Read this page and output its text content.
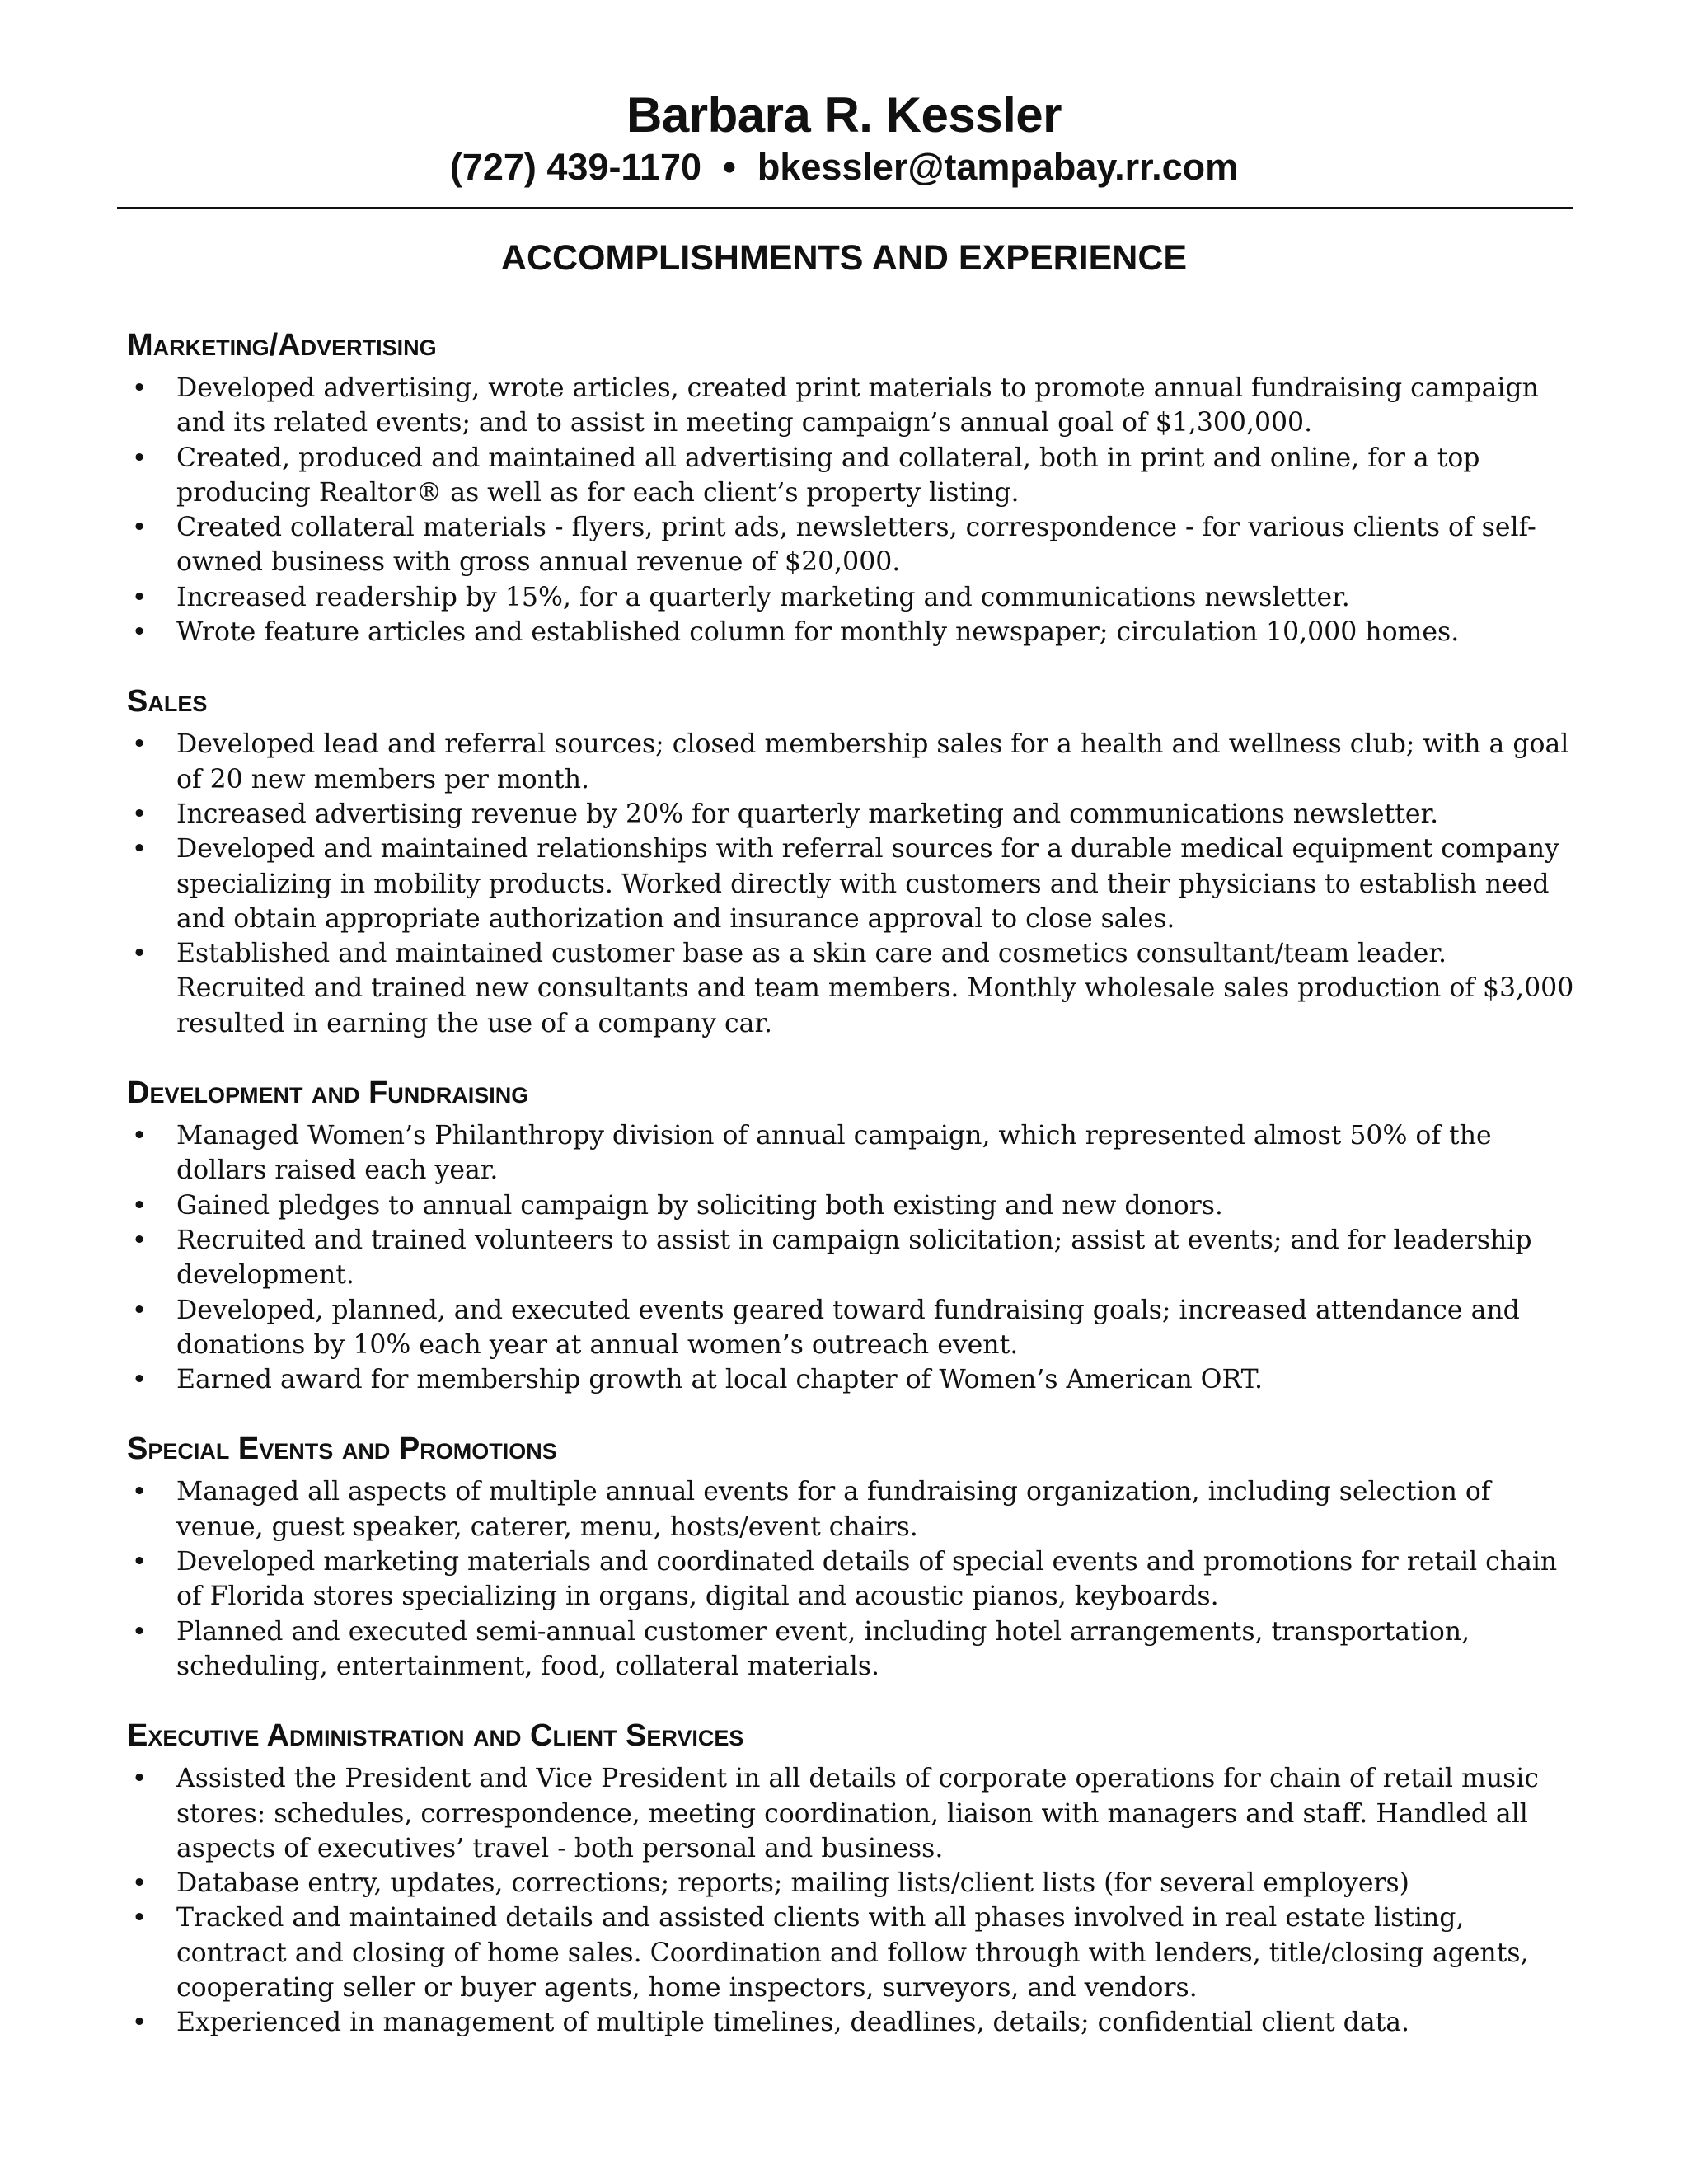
Barbara R. Kessler
(727) 439-1170 • bkessler@tampabay.rr.com
ACCOMPLISHMENTS AND EXPERIENCE
Marketing/Advertising
• Developed advertising, wrote articles, created print materials to promote annual fundraising campaign and its related events; and to assist in meeting campaign’s annual goal of $1,300,000.
• Created, produced and maintained all advertising and collateral, both in print and online, for a top producing Realtor® as well as for each client’s property listing.
• Created collateral materials - flyers, print ads, newsletters, correspondence - for various clients of self-owned business with gross annual revenue of $20,000.
• Increased readership by 15%, for a quarterly marketing and communications newsletter.
• Wrote feature articles and established column for monthly newspaper; circulation 10,000 homes.
Sales
• Developed lead and referral sources; closed membership sales for a health and wellness club; with a goal of 20 new members per month.
• Increased advertising revenue by 20% for quarterly marketing and communications newsletter.
• Developed and maintained relationships with referral sources for a durable medical equipment company specializing in mobility products. Worked directly with customers and their physicians to establish need and obtain appropriate authorization and insurance approval to close sales.
• Established and maintained customer base as a skin care and cosmetics consultant/team leader. Recruited and trained new consultants and team members. Monthly wholesale sales production of $3,000 resulted in earning the use of a company car.
Development and Fundraising
• Managed Women’s Philanthropy division of annual campaign, which represented almost 50% of the dollars raised each year.
• Gained pledges to annual campaign by soliciting both existing and new donors.
• Recruited and trained volunteers to assist in campaign solicitation; assist at events; and for leadership development.
• Developed, planned, and executed events geared toward fundraising goals; increased attendance and donations by 10% each year at annual women’s outreach event.
• Earned award for membership growth at local chapter of Women’s American ORT.
Special Events and Promotions
• Managed all aspects of multiple annual events for a fundraising organization, including selection of venue, guest speaker, caterer, menu, hosts/event chairs.
• Developed marketing materials and coordinated details of special events and promotions for retail chain of Florida stores specializing in organs, digital and acoustic pianos, keyboards.
• Planned and executed semi-annual customer event, including hotel arrangements, transportation, scheduling, entertainment, food, collateral materials.
Executive Administration and Client Services
• Assisted the President and Vice President in all details of corporate operations for chain of retail music stores: schedules, correspondence, meeting coordination, liaison with managers and staff. Handled all aspects of executives’ travel - both personal and business.
• Database entry, updates, corrections; reports; mailing lists/client lists (for several employers)
• Tracked and maintained details and assisted clients with all phases involved in real estate listing, contract and closing of home sales. Coordination and follow through with lenders, title/closing agents, cooperating seller or buyer agents, home inspectors, surveyors, and vendors.
• Experienced in management of multiple timelines, deadlines, details; confidential client data.
